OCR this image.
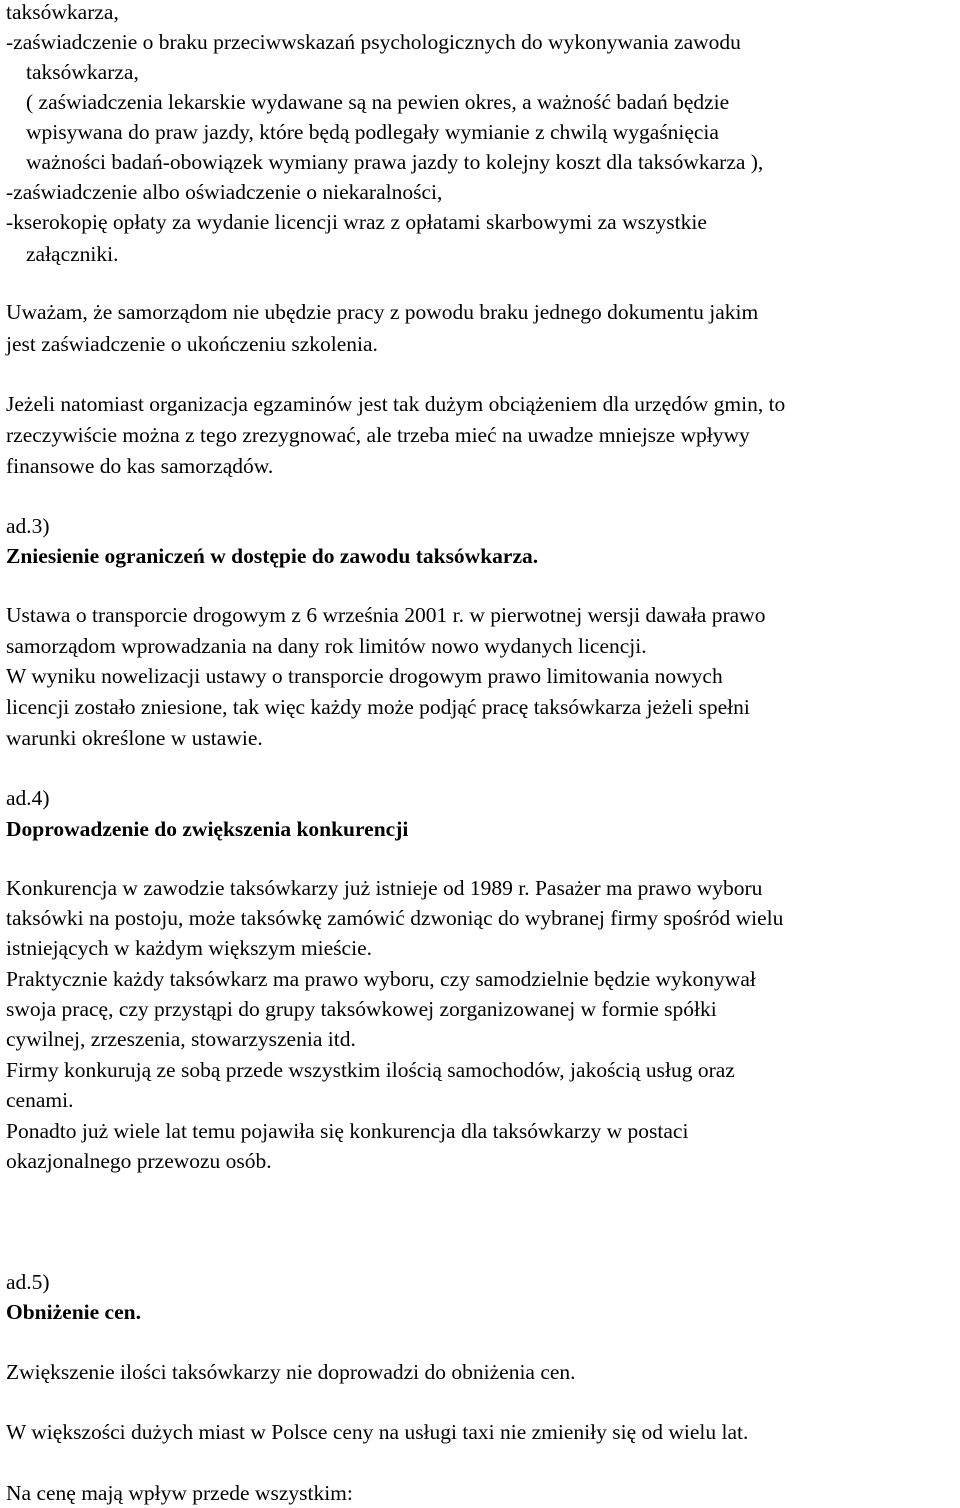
taksówkarza,
-zaświadczenie o braku przeciwwskazań psychologicznych do wykonywania zawodu
taksówkarza,
( zaświadczenia lekarskie wydawane są na pewien okres, a ważność badań będzie
wpisywana do praw jazdy, które będą podlegały wymianie z chwilą wygaśnięcia
ważności badań-obowiązek wymiany prawa jazdy to kolejny koszt dla taksówkarza ),
-zaświadczenie albo oświadczenie o niekaralności,
-kserokopię opłaty za wydanie licencji wraz z opłatami skarbowymi za wszystkie
załączniki.
Uważam, że samorządom nie ubędzie pracy z powodu braku jednego dokumentu jakim
jest zaświadczenie o ukończeniu szkolenia.
Jeżeli natomiast organizacja egzaminów jest tak dużym obciążeniem dla urzędów gmin, to
rzeczywiście można z tego zrezygnować, ale trzeba mieć na uwadze mniejsze wpływy
finansowe do kas samorządów.
ad.3)
Zniesienie ograniczeń w dostępie do zawodu taksówkarza.
Ustawa o transporcie drogowym z 6 września 2001 r. w pierwotnej wersji dawała prawo
samorządom wprowadzania na dany rok limitów nowo wydanych licencji.
W wyniku nowelizacji ustawy o transporcie drogowym prawo limitowania nowych
licencji zostało zniesione, tak więc każdy może podjąć pracę taksówkarza jeżeli spełni
warunki określone w ustawie.
ad.4)
Doprowadzenie do zwiększenia konkurencji
Konkurencja w zawodzie taksówkarzy już istnieje od 1989 r. Pasażer ma prawo wyboru
taksówki na postoju, może taksówkę zamówić dzwoniąc do wybranej firmy spośród wielu
istniejących w każdym większym mieście.
Praktycznie każdy taksówkarz ma prawo wyboru, czy samodzielnie będzie wykonywał
swoja pracę, czy przystąpi do grupy taksówkowej zorganizowanej w formie spółki
cywilnej, zrzeszenia, stowarzyszenia itd.
Firmy konkurują ze sobą przede wszystkim ilością samochodów, jakością usług oraz
cenami.
Ponadto już wiele lat temu pojawiła się konkurencja dla taksówkarzy w postaci
okazjonalnego przewozu osób.
ad.5)
Obniżenie cen.
Zwiększenie ilości taksówkarzy nie doprowadzi do obniżenia cen.
W większości dużych miast w Polsce ceny na usługi taxi nie zmieniły się od wielu lat.
Na cenę mają wpływ przede wszystkim:
